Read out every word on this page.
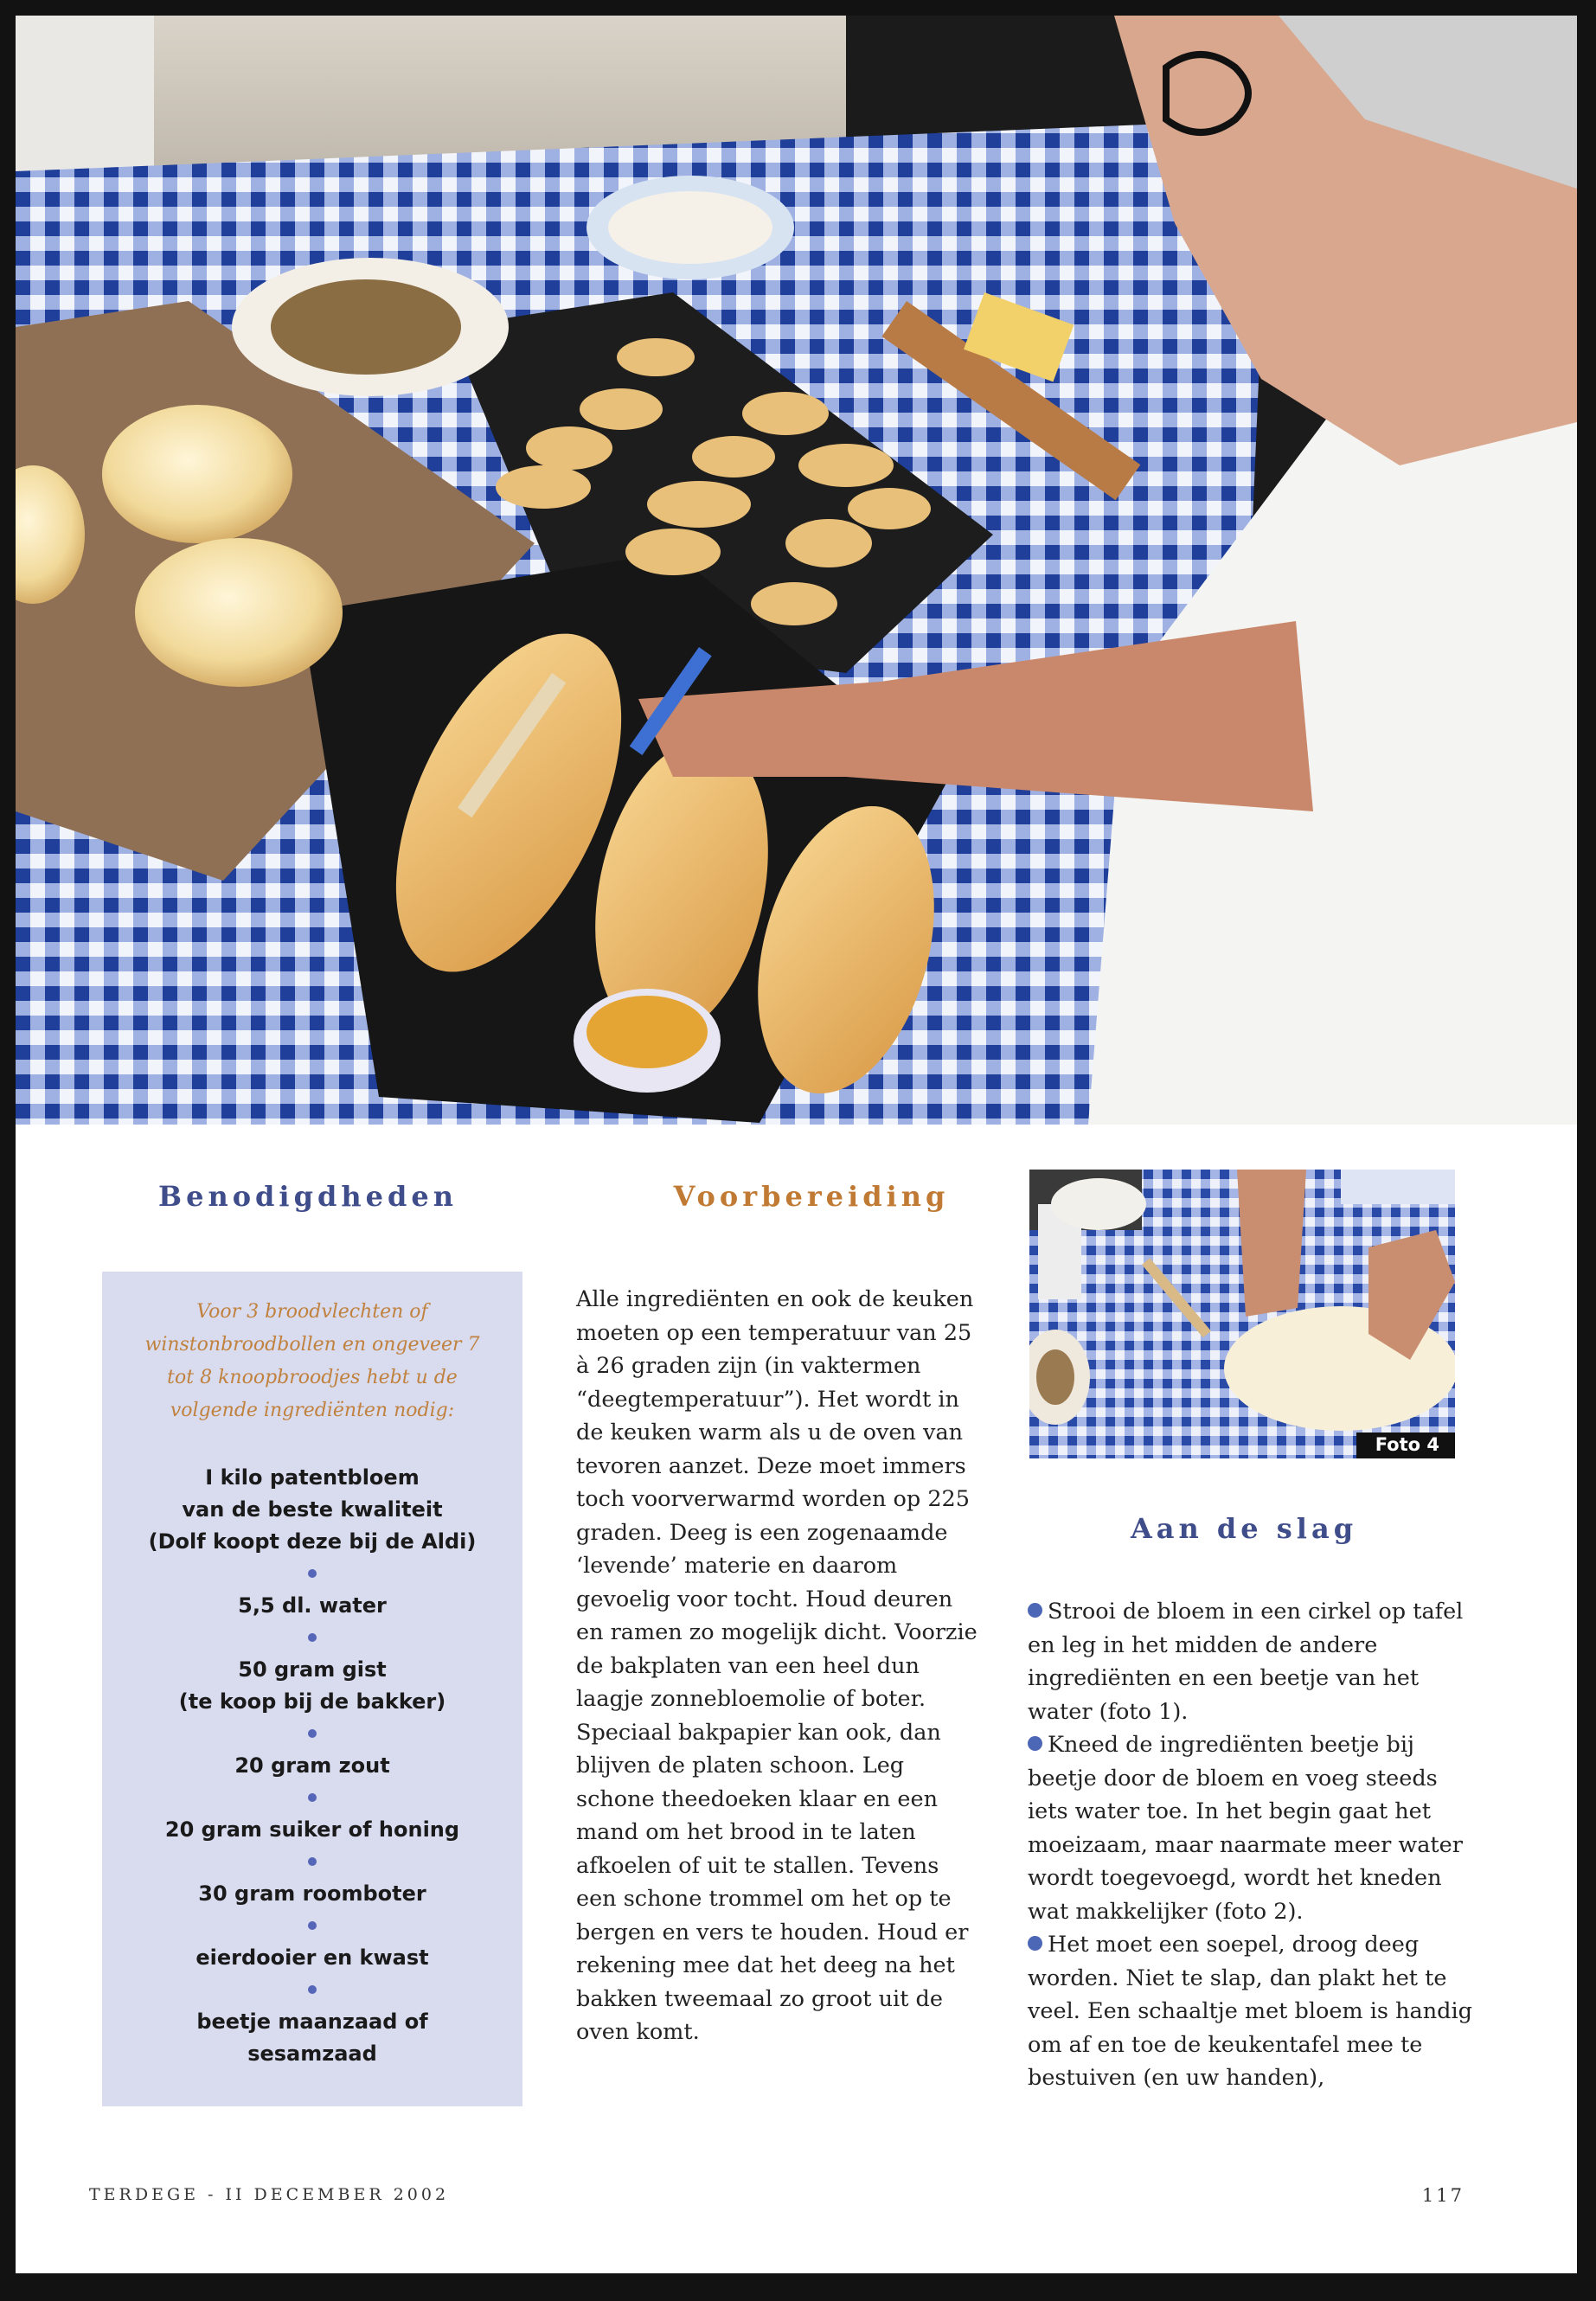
Benodigdheden
Voor 3 broodvlechten of winstonbroodbollen en ongeveer 7 tot 8 knoopbroodjes hebt u de volgende ingrediënten nodig:
I kilo patentbloem
van de beste kwaliteit
(Dolf koopt deze bij de Aldi)
5,5 dl. water
50 gram gist
(te koop bij de bakker)
20 gram zout
20 gram suiker of honing
30 gram roomboter
eierdooier en kwast
beetje maanzaad of
sesamzaad
Voorbereiding
Alle ingrediënten en ook de keuken moeten op een temperatuur van 25 à 26 graden zijn (in vaktermen “deegtemperatuur”). Het wordt in de keuken warm als u de oven van tevoren aanzet. Deze moet immers toch voorverwarmd worden op 225 graden. Deeg is een zogenaamde ‘levende’ materie en daarom gevoelig voor tocht. Houd deuren en ramen zo mogelijk dicht. Voorzie de bakplaten van een heel dun laagje zonnebloemolie of boter. Speciaal bakpapier kan ook, dan blijven de platen schoon. Leg schone theedoeken klaar en een mand om het brood in te laten afkoelen of uit te stallen. Tevens een schone trommel om het op te bergen en vers te houden. Houd er rekening mee dat het deeg na het bakken tweemaal zo groot uit de oven komt.
Foto 4
Aan de slag

Strooi de bloem in een cirkel op tafel en leg in het midden de andere ingrediënten en een beetje van het water (foto 1).

Kneed de ingrediënten beetje bij beetje door de bloem en voeg steeds iets water toe. In het begin gaat het moeizaam, maar naarmate meer water wordt toegevoegd, wordt het kneden wat makkelijker (foto 2).

Het moet een soepel, droog deeg worden. Niet te slap, dan plakt het te veel. Een schaaltje met bloem is handig om af en toe de keukentafel mee te bestuiven (en uw handen),

TERDEGE - II DECEMBER 2002	117
